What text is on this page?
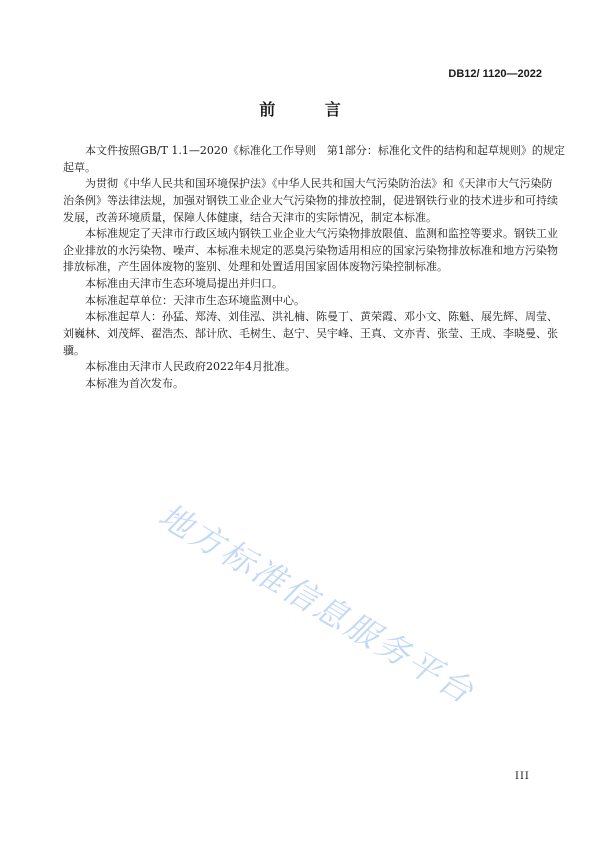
DB12/ 1120—2022
前 言
本文件按照GB/T 1.1—2020《标准化工作导则　第1部分：标准化文件的结构和起草规则》的规定
起草。
为贯彻《中华人民共和国环境保护法》《中华人民共和国大气污染防治法》和《天津市大气污染防
治条例》等法律法规，加强对钢铁工业企业大气污染物的排放控制，促进钢铁行业的技术进步和可持续
发展，改善环境质量，保障人体健康，结合天津市的实际情况，制定本标准。
本标准规定了天津市行政区域内钢铁工业企业大气污染物排放限值、监测和监控等要求。钢铁工业
企业排放的水污染物、噪声、本标准未规定的恶臭污染物适用相应的国家污染物排放标准和地方污染物
排放标准，产生固体废物的鉴别、处理和处置适用国家固体废物污染控制标准。
本标准由天津市生态环境局提出并归口。
本标准起草单位：天津市生态环境监测中心。
本标准起草人：孙猛、郑涛、刘佳泓、洪礼楠、陈曼丁、黄荣霞、邓小文、陈魁、展先辉、周莹、
刘巍林、刘茂辉、翟浩杰、郜计欣、毛树生、赵宁、吴宇峰、王真、文亦青、张莹、王成、李晓曼、张
骥。
本标准由天津市人民政府2022年4月批准。
本标准为首次发布。
III
地方标准信息服务平台
